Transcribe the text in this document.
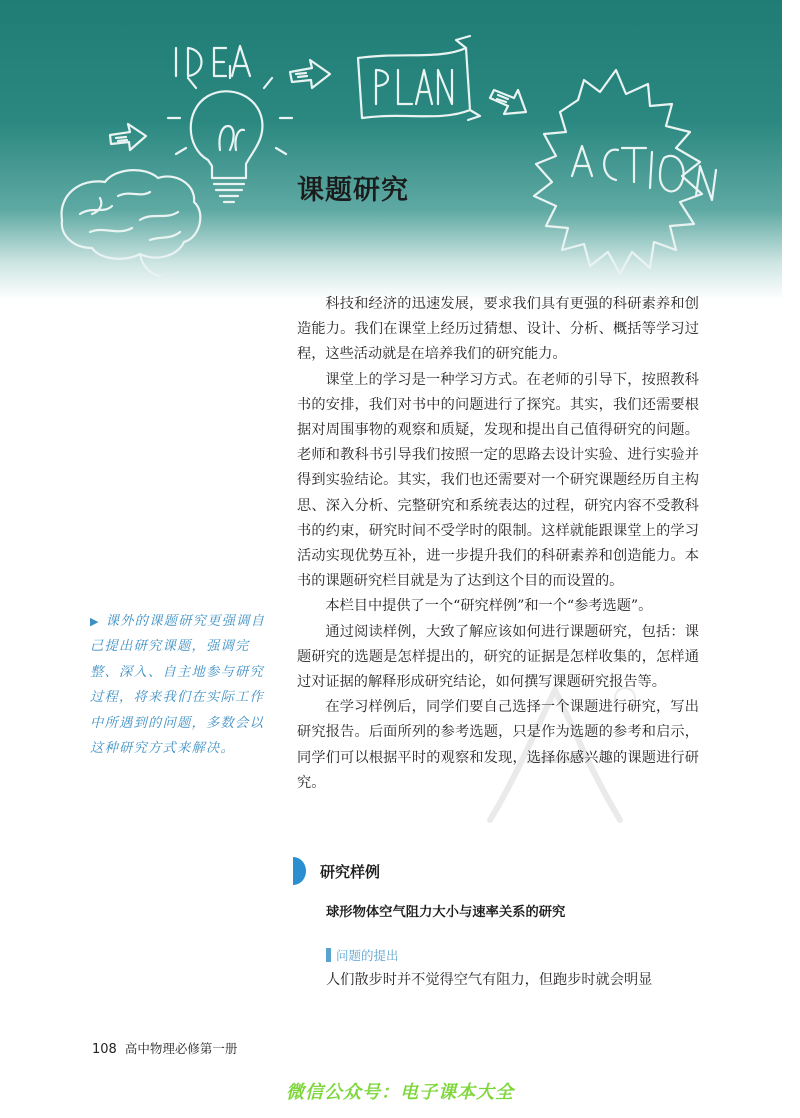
课题研究

科技和经济的迅速发展，要求我们具有更强的科研素养和创造能力。我们在课堂上经历过猜想、设计、分析、概括等学习过程，这些活动就是在培养我们的研究能力。

课堂上的学习是一种学习方式。在老师的引导下，按照教科书的安排，我们对书中的问题进行了探究。其实，我们还需要根据对周围事物的观察和质疑，发现和提出自己值得研究的问题。老师和教科书引导我们按照一定的思路去设计实验、进行实验并得到实验结论。其实，我们也还需要对一个研究课题经历自主构思、深入分析、完整研究和系统表达的过程，研究内容不受教科书的约束，研究时间不受学时的限制。这样就能跟课堂上的学习活动实现优势互补，进一步提升我们的科研素养和创造能力。本书的课题研究栏目就是为了达到这个目的而设置的。

本栏目中提供了一个“研究样例”和一个“参考选题”。

通过阅读样例，大致了解应该如何进行课题研究，包括：课题研究的选题是怎样提出的，研究的证据是怎样收集的，怎样通过对证据的解释形成研究结论，如何撰写课题研究报告等。

在学习样例后，同学们要自己选择一个课题进行研究，写出研究报告。后面所列的参考选题，只是作为选题的参考和启示，同学们可以根据平时的观察和发现，选择你感兴趣的课题进行研究。

▶ 课外的课题研究更强调自己提出研究课题，强调完整、深入、自主地参与研究过程，将来我们在实际工作中所遇到的问题，多数会以这种研究方式来解决。
研究样例
球形物体空气阻力大小与速率关系的研究
问题的提出
人们散步时并不觉得空气有阻力，但跑步时就会明显
108 高中物理必修第一册
微信公众号：电子课本大全
